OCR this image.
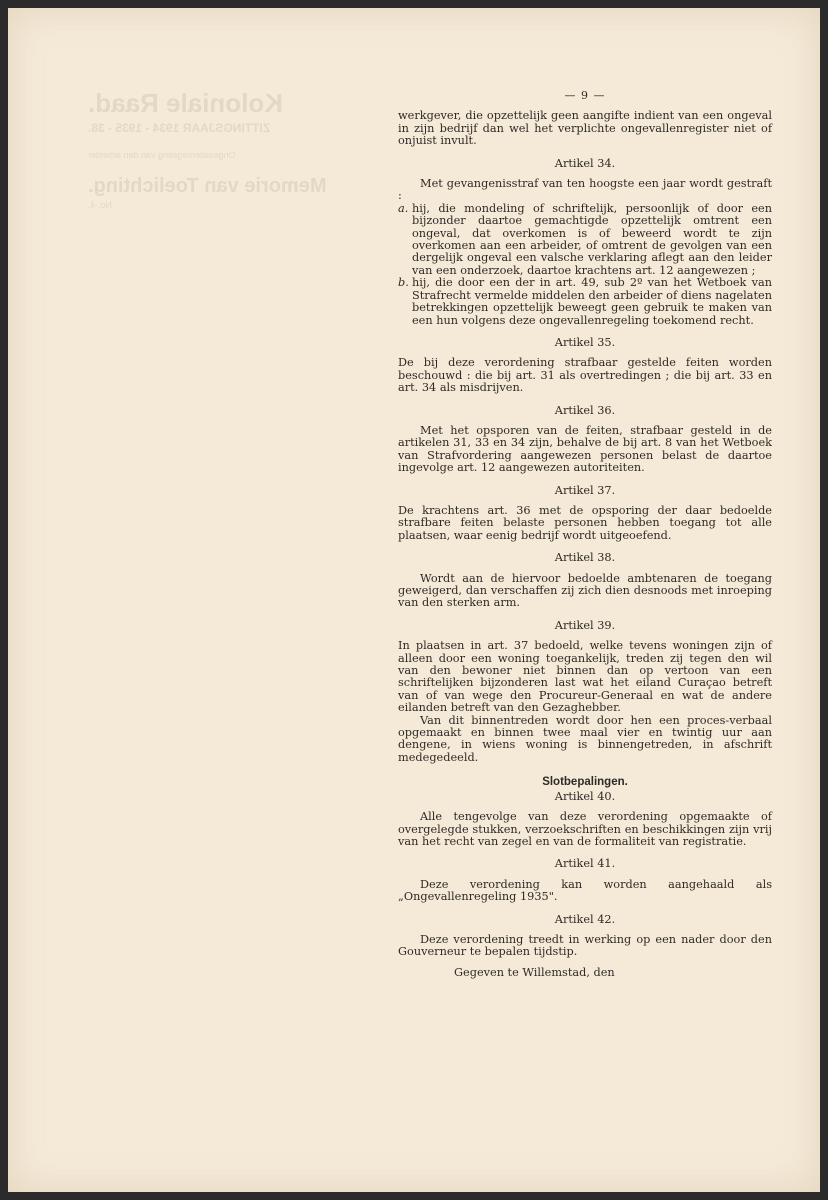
Koloniale Raad.
ZITTINGSJAAR 1934 - 1935 - 38.
Ongevallenregeling van den arbeider
Memorie van Toelichting.
No. 4.
— 9 —

werkgever, die opzettelijk geen aangifte indient van een ongeval in zijn bedrijf dan wel het verplichte ongevallenregister niet of onjuist invult.

Artikel 34.

Met gevangenisstraf van ten hoogste een jaar wordt gestraft :

a. hij, die mondeling of schriftelijk, persoonlijk of door een bijzonder daartoe gemachtigde opzettelijk omtrent een ongeval, dat overkomen is of beweerd wordt te zijn overkomen aan een arbeider, of omtrent de gevolgen van een dergelijk ongeval een valsche verklaring aflegt aan den leider van een onderzoek, daartoe krachtens art. 12 aangewezen ;
b. hij, die door een der in art. 49, sub 2º van het Wetboek van Strafrecht vermelde middelen den arbeider of diens nagelaten betrekkingen opzettelijk beweegt geen gebruik te maken van een hun volgens deze ongevallenregeling toekomend recht.
Artikel 35.

De bij deze verordening strafbaar gestelde feiten worden beschouwd : die bij art. 31 als overtredingen ; die bij art. 33 en art. 34 als misdrijven.

Artikel 36.

Met het opsporen van de feiten, strafbaar gesteld in de artikelen 31, 33 en 34 zijn, behalve de bij art. 8 van het Wetboek van Strafvordering aangewezen personen belast de daartoe ingevolge art. 12 aangewezen autoriteiten.

Artikel 37.

De krachtens art. 36 met de opsporing der daar bedoelde strafbare feiten belaste personen hebben toegang tot alle plaatsen, waar eenig bedrijf wordt uitgeoefend.

Artikel 38.

Wordt aan de hiervoor bedoelde ambtenaren de toegang geweigerd, dan verschaffen zij zich dien desnoods met inroeping van den sterken arm.

Artikel 39.

In plaatsen in art. 37 bedoeld, welke tevens woningen zijn of alleen door een woning toegankelijk, treden zij tegen den wil van den bewoner niet binnen dan op vertoon van een schriftelijken bijzonderen last wat het eiland Curaçao betreft van of van wege den Procureur-Generaal en wat de andere eilanden betreft van den Gezaghebber.

Van dit binnentreden wordt door hen een proces-verbaal opgemaakt en binnen twee maal vier en twintig uur aan dengene, in wiens woning is binnengetreden, in afschrift medegedeeld.

Slotbepalingen.
Artikel 40.

Alle tengevolge van deze verordening opgemaakte of overgelegde stukken, verzoekschriften en beschikkingen zijn vrij van het recht van zegel en van de formaliteit van registratie.

Artikel 41.

Deze verordening kan worden aangehaald als „Ongevallenregeling 1935".

Artikel 42.

Deze verordening treedt in werking op een nader door den Gouverneur te bepalen tijdstip.

Gegeven te Willemstad, den
